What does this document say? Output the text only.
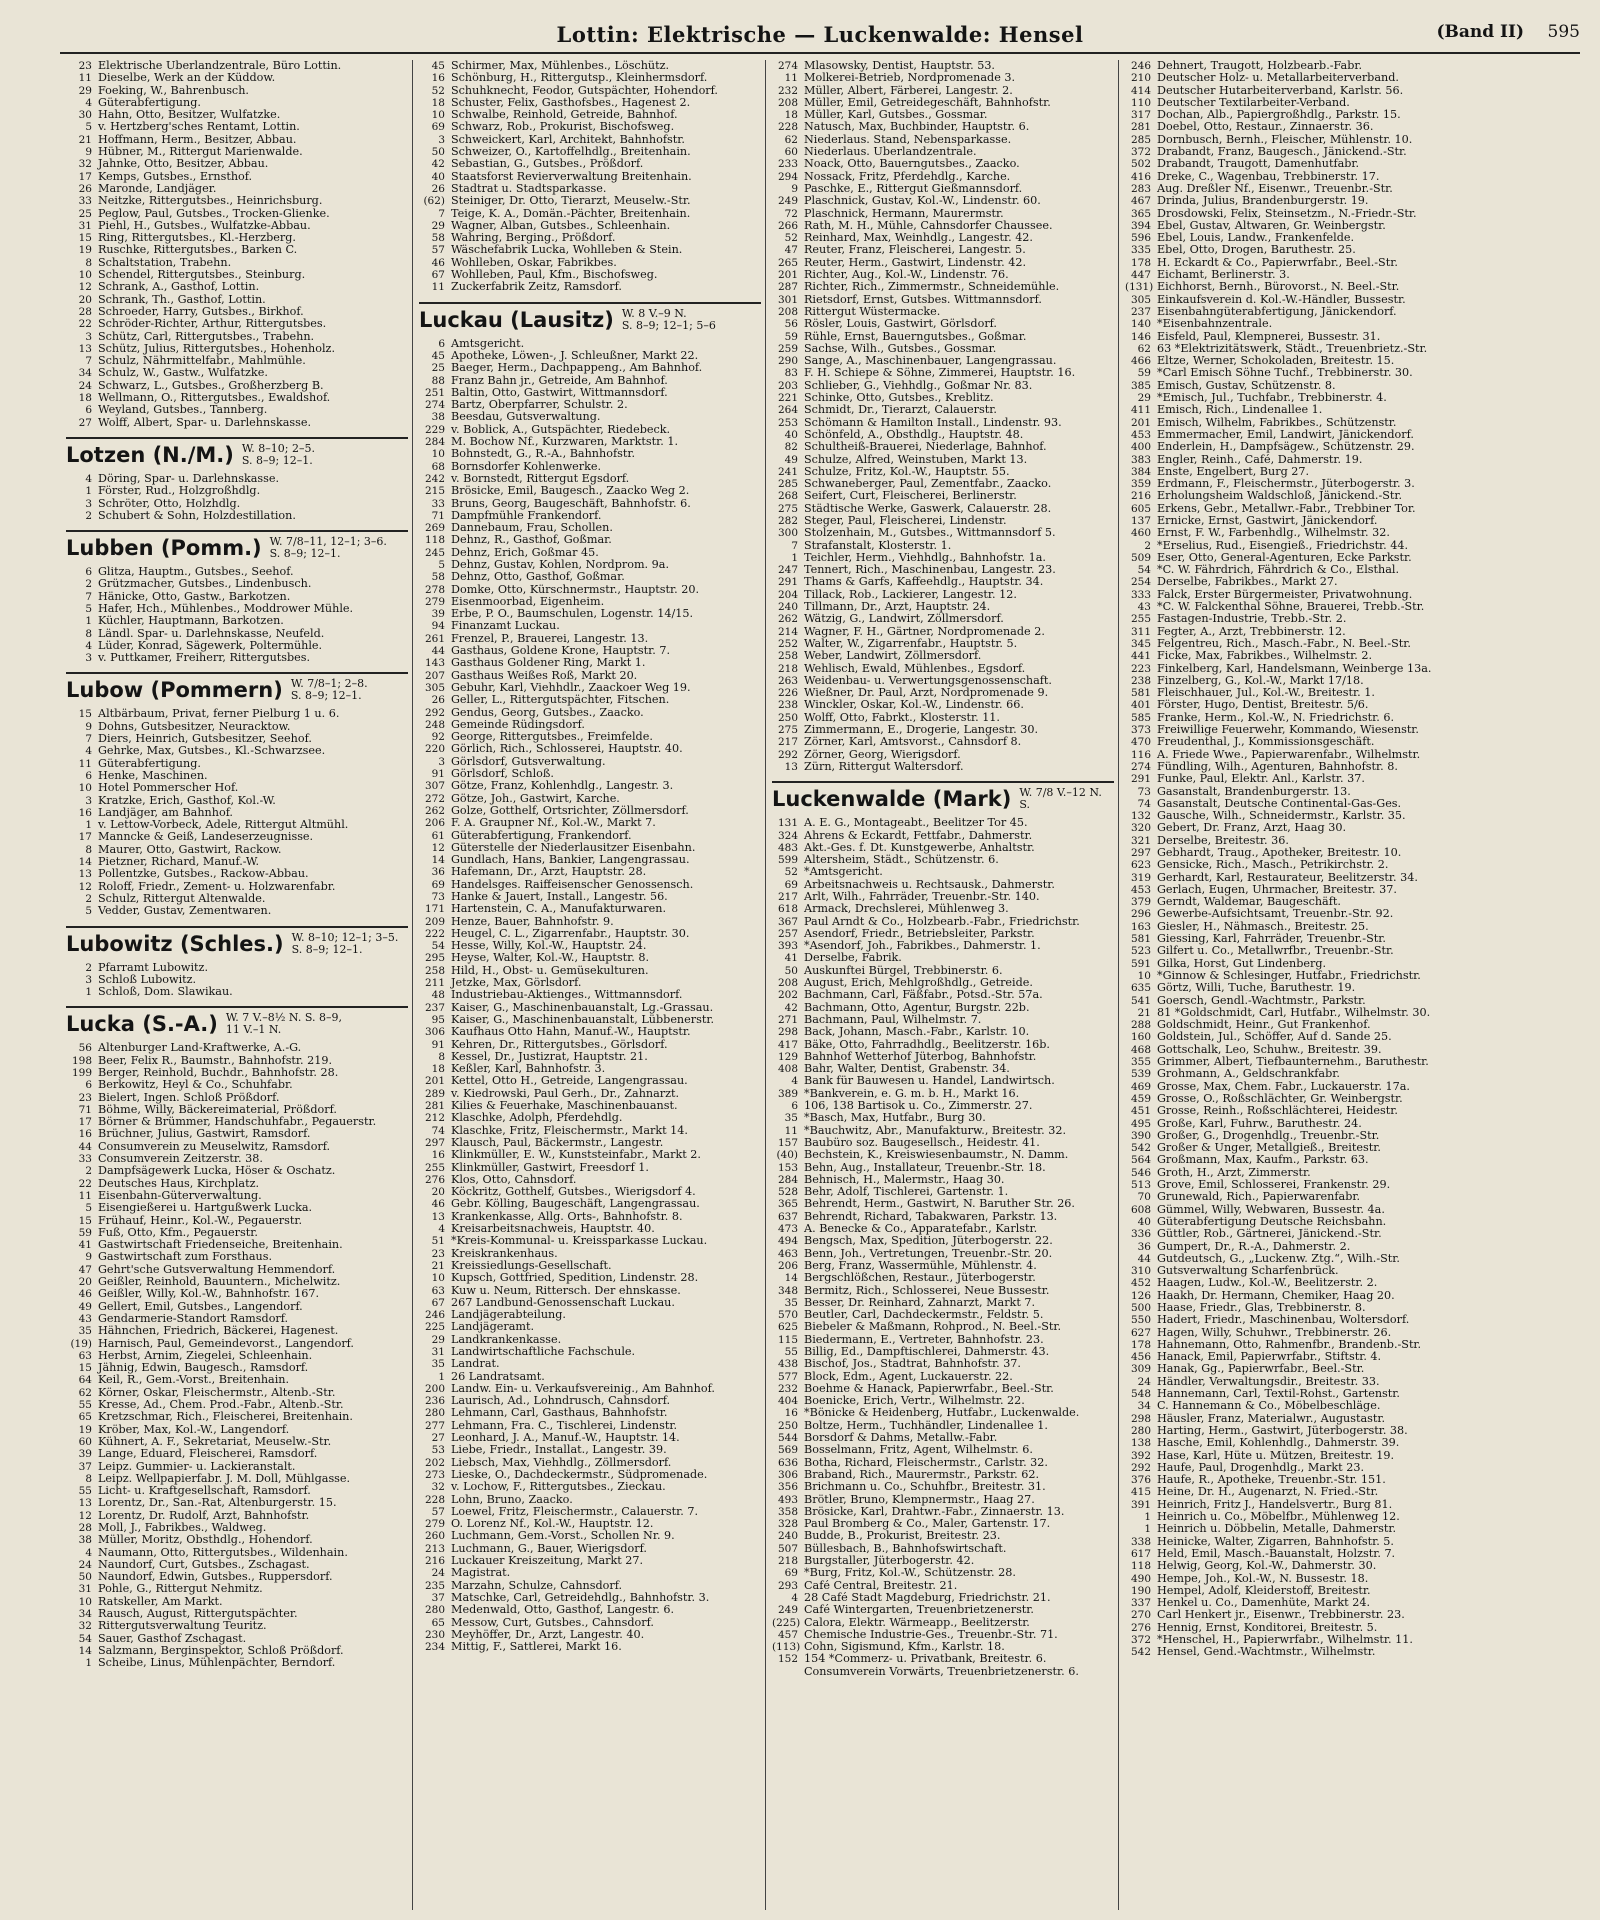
Lottin: Elektrische — Luckenwalde: Hensel	(Band II) 595
23 Elektrische Überlandzentrale, Büro Lottin.
11 Dieselbe, Werk an der Küddow.
29 Foeking, W., Bahrenbusch.
4 Güterabfertigung.
30 Hahn, Otto, Besitzer, Wulfatzke.
5 v. Hertzberg'sches Rentamt, Lottin.
21 Hoffmann, Herm., Besitzer, Abbau.
9 Hübner, M., Rittergut Marienwalde.
32 Jahnke, Otto, Besitzer, Abbau.
17 Kemps, Gutsbes., Ernsthof.
26 Maronde, Landjäger.
33 Neitzke, Rittergutsbes., Heinrichsburg.
25 Peglow, Paul, Gutsbes., Trocken-Glienke.
31 Piehl, H., Gutsbes., Wulfatzke-Abbau.
15 Ring, Rittergutsbes., Kl.-Herzberg.
19 Ruschke, Rittergutsbes., Barken C.
8 Schaltstation, Trabehn.
10 Schendel, Rittergutsbes., Steinburg.
12 Schrank, A., Gasthof, Lottin.
20 Schrank, Th., Gasthof, Lottin.
28 Schroeder, Harry, Gutsbes., Birkhof.
22 Schröder-Richter, Arthur, Rittergutsbes.
3 Schütz, Carl, Rittergutsbes., Trabehn.
13 Schütz, Julius, Rittergutsbes., Hohenholz.
7 Schulz, Nährmittelfabr., Mahlmühle.
34 Schulz, W., Gastw., Wulfatzke.
24 Schwarz, L., Gutsbes., Großherzberg B.
18 Wellmann, O., Rittergutsbes., Ewaldshof.
6 Weyland, Gutsbes., Tannberg.
27 Wolff, Albert, Spar- u. Darlehnskasse.
Lotzen (N./M.) W. 8–10; 2–5.
S. 8–9; 12–1.
4 Döring, Spar- u. Darlehnskasse.
1 Förster, Rud., Holzgroßhdlg.
3 Schröter, Otto, Holzhdlg.
2 Schubert & Sohn, Holzdestillation.
Lubben (Pomm.) W. 7/8–11, 12–1; 3–6.
S. 8–9; 12–1.
6 Glitza, Hauptm., Gutsbes., Seehof.
2 Grützmacher, Gutsbes., Lindenbusch.
7 Hänicke, Otto, Gastw., Barkotzen.
5 Hafer, Hch., Mühlenbes., Moddrower Mühle.
1 Küchler, Hauptmann, Barkotzen.
8 Ländl. Spar- u. Darlehnskasse, Neufeld.
4 Lüder, Konrad, Sägewerk, Poltermühle.
3 v. Puttkamer, Freiherr, Rittergutsbes.
Lubow (Pommern) W. 7/8–1; 2–8.
S. 8–9; 12–1.
15 Altbärbaum, Privat, ferner Pielburg 1 u. 6.
9 Dohns, Gutsbesitzer, Neuracktow.
7 Diers, Heinrich, Gutsbesitzer, Seehof.
4 Gehrke, Max, Gutsbes., Kl.-Schwarzsee.
11 Güterabfertigung.
6 Henke, Maschinen.
10 Hotel Pommerscher Hof.
3 Kratzke, Erich, Gasthof, Kol.-W.
16 Landjäger, am Bahnhof.
1 v. Lettow-Vorbeck, Adele, Rittergut Altmühl.
17 Manncke & Geiß, Landeserzeugnisse.
8 Maurer, Otto, Gastwirt, Rackow.
14 Pietzner, Richard, Manuf.-W.
13 Pollentzke, Gutsbes., Rackow-Abbau.
12 Roloff, Friedr., Zement- u. Holzwarenfabr.
2 Schulz, Rittergut Altenwalde.
5 Vedder, Gustav, Zementwaren.
Lubowitz (Schles.) W. 8–10; 12–1; 3–5.
S. 8–9; 12–1.
2 Pfarramt Lubowitz.
3 Schloß Lubowitz.
1 Schloß, Dom. Slawikau.
Lucka (S.-A.) W. 7 V.–8½ N. S. 8–9,
11 V.–1 N.
56 Altenburger Land-Kraftwerke, A.-G.
198 Beer, Felix R., Baumstr., Bahnhofstr. 219.
199 Berger, Reinhold, Buchdr., Bahnhofstr. 28.
6 Berkowitz, Heyl & Co., Schuhfabr.
23 Bielert, Ingen. Schloß Prößdorf.
71 Böhme, Willy, Bäckereimaterial, Prößdorf.
17 Börner & Brümmer, Handschuhfabr., Pegauerstr.
16 Brüchner, Julius, Gastwirt, Ramsdorf.
44 Consumverein zu Meuselwitz, Ramsdorf.
33 Consumverein Zeitzerstr. 38.
2 Dampfsägewerk Lucka, Höser & Oschatz.
22 Deutsches Haus, Kirchplatz.
11 Eisenbahn-Güterverwaltung.
5 Eisengießerei u. Hartgußwerk Lucka.
15 Frühauf, Heinr., Kol.-W., Pegauerstr.
59 Fuß, Otto, Kfm., Pegauerstr.
41 Gastwirtschaft Friedenseiche, Breitenhain.
9 Gastwirtschaft zum Forsthaus.
47 Gehrt'sche Gutsverwaltung Hemmendorf.
20 Geißler, Reinhold, Bauuntern., Michelwitz.
46 Geißler, Willy, Kol.-W., Bahnhofstr. 167.
49 Gellert, Emil, Gutsbes., Langendorf.
43 Gendarmerie-Standort Ramsdorf.
35 Hähnchen, Friedrich, Bäckerei, Hagenest.
(19) Harnisch, Paul, Gemeindevorst., Langendorf.
63 Herbst, Arnim, Ziegelei, Schleenhain.
15 Jähnig, Edwin, Baugesch., Ramsdorf.
64 Keil, R., Gem.-Vorst., Breitenhain.
62 Körner, Oskar, Fleischermstr., Altenb.-Str.
55 Kresse, Ad., Chem. Prod.-Fabr., Altenb.-Str.
65 Kretzschmar, Rich., Fleischerei, Breitenhain.
19 Kröber, Max, Kol.-W., Langendorf.
60 Kühnert, A. F., Sekretariat, Meuselw.-Str.
39 Lange, Eduard, Fleischerei, Ramsdorf.
37 Leipz. Gummier- u. Lackieranstalt.
8 Leipz. Wellpapierfabr. J. M. Doll, Mühlgasse.
55 Licht- u. Kraftgesellschaft, Ramsdorf.
13 Lorentz, Dr., San.-Rat, Altenburgerstr. 15.
12 Lorentz, Dr. Rudolf, Arzt, Bahnhofstr.
28 Moll, J., Fabrikbes., Waldweg.
38 Müller, Moritz, Obsthdlg., Hohendorf.
4 Naumann, Otto, Rittergutsbes., Wildenhain.
24 Naundorf, Curt, Gutsbes., Zschagast.
50 Naundorf, Edwin, Gutsbes., Ruppersdorf.
31 Pohle, G., Rittergut Nehmitz.
10 Ratskeller, Am Markt.
34 Rausch, August, Rittergutspächter.
32 Rittergutsverwaltung Teuritz.
54 Sauer, Gasthof Zschagast.
14 Salzmann, Berginspektor, Schloß Prößdorf.
1 Scheibe, Linus, Mühlenpächter, Berndorf.
45 Schirmer, Max, Mühlenbes., Löschütz.
16 Schönburg, H., Rittergutsp., Kleinhermsdorf.
52 Schuhknecht, Feodor, Gutspächter, Hohendorf.
18 Schuster, Felix, Gasthofsbes., Hagenest 2.
10 Schwalbe, Reinhold, Getreide, Bahnhof.
69 Schwarz, Rob., Prokurist, Bischofsweg.
3 Schweickert, Karl, Architekt, Bahnhofstr.
50 Schweizer, O., Kartoffelhdlg., Breitenhain.
42 Sebastian, G., Gutsbes., Prößdorf.
40 Staatsforst Revierverwaltung Breitenhain.
26 Stadtrat u. Stadtsparkasse.
(62) Steiniger, Dr. Otto, Tierarzt, Meuselw.-Str.
7 Teige, K. A., Domän.-Pächter, Breitenhain.
29 Wagner, Alban, Gutsbes., Schleenhain.
58 Wahring, Berging., Prößdorf.
57 Wäschefabrik Lucka, Wohlleben & Stein.
46 Wohlleben, Oskar, Fabrikbes.
67 Wohlleben, Paul, Kfm., Bischofsweg.
11 Zuckerfabrik Zeitz, Ramsdorf.
Luckau (Lausitz) W. 8 V.–9 N.
S. 8–9; 12–1; 5–6
6 Amtsgericht.
45 Apotheke, Löwen-, J. Schleußner, Markt 22.
25 Baeger, Herm., Dachpappeng., Am Bahnhof.
88 Franz Bahn jr., Getreide, Am Bahnhof.
251 Baltin, Otto, Gastwirt, Wittmannsdorf.
274 Bartz, Oberpfarrer, Schulstr. 2.
38 Beesdau, Gutsverwaltung.
229 v. Boblick, A., Gutspächter, Riedebeck.
284 M. Bochow Nf., Kurzwaren, Marktstr. 1.
10 Bohnstedt, G., R.-A., Bahnhofstr.
68 Bornsdorfer Kohlenwerke.
242 v. Bornstedt, Rittergut Egsdorf.
215 Brösicke, Emil, Baugesch., Zaacko Weg 2.
33 Bruns, Georg, Baugeschäft, Bahnhofstr. 6.
71 Dampfmühle Frankendorf.
269 Dannebaum, Frau, Schollen.
118 Dehnz, R., Gasthof, Goßmar.
245 Dehnz, Erich, Goßmar 45.
5 Dehnz, Gustav, Kohlen, Nordprom. 9a.
58 Dehnz, Otto, Gasthof, Goßmar.
278 Domke, Otto, Kürschnermstr., Hauptstr. 20.
279 Eisenmoorbad, Eigenheim.
39 Erbe, P. O., Baumschulen, Logenstr. 14/15.
94 Finanzamt Luckau.
261 Frenzel, P., Brauerei, Langestr. 13.
44 Gasthaus, Goldene Krone, Hauptstr. 7.
143 Gasthaus Goldener Ring, Markt 1.
207 Gasthaus Weißes Roß, Markt 20.
305 Gebuhr, Karl, Viehhdlr., Zaackoer Weg 19.
26 Geller, L., Rittergutspächter, Fitschen.
292 Gendus, Georg, Gutsbes., Zaacko.
248 Gemeinde Rüdingsdorf.
92 George, Rittergutsbes., Freimfelde.
220 Görlich, Rich., Schlosserei, Hauptstr. 40.
3 Görlsdorf, Gutsverwaltung.
91 Görlsdorf, Schloß.
307 Götze, Franz, Kohlenhdlg., Langestr. 3.
272 Götze, Joh., Gastwirt, Karche.
262 Golze, Gotthelf, Ortsrichter, Zöllmersdorf.
206 F. A. Graupner Nf., Kol.-W., Markt 7.
61 Güterabfertigung, Frankendorf.
12 Güterstelle der Niederlausitzer Eisenbahn.
14 Gundlach, Hans, Bankier, Langengrassau.
36 Hafemann, Dr., Arzt, Hauptstr. 28.
69 Handelsges. Raiffeisenscher Genossensch.
73 Hanke & Jauert, Install., Langestr. 56.
171 Hartenstein, C. A., Manufakturwaren.
209 Henze, Bauer, Bahnhofstr. 9.
222 Heugel, C. L., Zigarrenfabr., Hauptstr. 30.
54 Hesse, Willy, Kol.-W., Hauptstr. 24.
295 Heyse, Walter, Kol.-W., Hauptstr. 8.
258 Hild, H., Obst- u. Gemüsekulturen.
211 Jetzke, Max, Görlsdorf.
48 Industriebau-Aktienges., Wittmannsdorf.
237 Kaiser, G., Maschinenbauanstalt, Lg.-Grassau.
95 Kaiser, G., Maschinenbauanstalt, Lübbenerstr.
306 Kaufhaus Otto Hahn, Manuf.-W., Hauptstr.
91 Kehren, Dr., Rittergutsbes., Görlsdorf.
8 Kessel, Dr., Justizrat, Hauptstr. 21.
18 Keßler, Karl, Bahnhofstr. 3.
201 Kettel, Otto H., Getreide, Langengrassau.
289 v. Kiedrowski, Paul Gerh., Dr., Zahnarzt.
281 Kilies & Feuerhake, Maschinenbauanst.
212 Klaschke, Adolph, Pferdehdlg.
74 Klaschke, Fritz, Fleischermstr., Markt 14.
297 Klausch, Paul, Bäckermstr., Langestr.
16 Klinkmüller, E. W., Kunststeinfabr., Markt 2.
255 Klinkmüller, Gastwirt, Freesdorf 1.
276 Klos, Otto, Cahnsdorf.
20 Köckritz, Gotthelf, Gutsbes., Wierigsdorf 4.
46 Gebr. Kölling, Baugeschäft, Langengrassau.
13 Krankenkasse, Allg. Orts-, Bahnhofstr. 8.
4 Kreisarbeitsnachweis, Hauptstr. 40.
51 *Kreis-Kommunal- u. Kreissparkasse Luckau.
23 Kreiskrankenhaus.
21 Kreissiedlungs-Gesellschaft.
10 Kupsch, Gottfried, Spedition, Lindenstr. 28.
63 Kuw u. Neum, Rittersch. Der ehnskasse.
67 267 Landbund-Genossenschaft Luckau.
246 Landjägerabteilung.
225 Landjägeramt.
29 Landkrankenkasse.
31 Landwirtschaftliche Fachschule.
35 Landrat.
1 26 Landratsamt.
200 Landw. Ein- u. Verkaufsvereinig., Am Bahnhof.
236 Laurisch, Ad., Lohndrusch, Cahnsdorf.
280 Lehmann, Carl, Gasthaus, Bahnhofstr.
277 Lehmann, Fra. C., Tischlerei, Lindenstr.
27 Leonhard, J. A., Manuf.-W., Hauptstr. 14.
53 Liebe, Friedr., Installat., Langestr. 39.
202 Liebsch, Max, Viehhdlg., Zöllmersdorf.
273 Lieske, O., Dachdeckermstr., Südpromenade.
32 v. Lochow, F., Rittergutsbes., Zieckau.
228 Lohn, Bruno, Zaacko.
57 Loewel, Fritz, Fleischermstr., Calauerstr. 7.
279 O. Lorenz Nf., Kol.-W., Hauptstr. 12.
260 Luchmann, Gem.-Vorst., Schollen Nr. 9.
213 Luchmann, G., Bauer, Wierigsdorf.
216 Luckauer Kreiszeitung, Markt 27.
24 Magistrat.
235 Marzahn, Schulze, Cahnsdorf.
37 Matschke, Carl, Getreidehdlg., Bahnhofstr. 3.
280 Medenwald, Otto, Gasthof, Langestr. 6.
65 Messow, Curt, Gutsbes., Cahnsdorf.
230 Meyhöffer, Dr., Arzt, Langestr. 40.
234 Mittig, F., Sattlerei, Markt 16.
274 Mlasowsky, Dentist, Hauptstr. 53.
11 Molkerei-Betrieb, Nordpromenade 3.
232 Müller, Albert, Färberei, Langestr. 2.
208 Müller, Emil, Getreidegeschäft, Bahnhofstr.
18 Müller, Karl, Gutsbes., Gossmar.
228 Natusch, Max, Buchbinder, Hauptstr. 6.
62 Niederlaus. Stand, Nebensparkasse.
60 Niederlaus. Überlandzentrale.
233 Noack, Otto, Bauerngutsbes., Zaacko.
294 Nossack, Fritz, Pferdehdlg., Karche.
9 Paschke, E., Rittergut Gießmannsdorf.
249 Plaschnick, Gustav, Kol.-W., Lindenstr. 60.
72 Plaschnick, Hermann, Maurermstr.
266 Rath, M. H., Mühle, Cahnsdorfer Chaussee.
52 Reinhard, Max, Weinhdlg., Langestr. 42.
47 Reuter, Franz, Fleischerei, Langestr. 5.
265 Reuter, Herm., Gastwirt, Lindenstr. 42.
201 Richter, Aug., Kol.-W., Lindenstr. 76.
287 Richter, Rich., Zimmermstr., Schneidemühle.
301 Rietsdorf, Ernst, Gutsbes. Wittmannsdorf.
208 Rittergut Wüstermacke.
56 Rösler, Louis, Gastwirt, Görlsdorf.
59 Rühle, Ernst, Bauerngutsbes., Goßmar.
259 Sachse, Wilh., Gutsbes., Gossmar.
290 Sange, A., Maschinenbauer, Langengrassau.
83 F. H. Schiepe & Söhne, Zimmerei, Hauptstr. 16.
203 Schlieber, G., Viehhdlg., Goßmar Nr. 83.
221 Schinke, Otto, Gutsbes., Kreblitz.
264 Schmidt, Dr., Tierarzt, Calauerstr.
253 Schömann & Hamilton Install., Lindenstr. 93.
40 Schönfeld, A., Obsthdlg., Hauptstr. 48.
82 Schultheiß-Brauerei, Niederlage, Bahnhof.
49 Schulze, Alfred, Weinstuben, Markt 13.
241 Schulze, Fritz, Kol.-W., Hauptstr. 55.
285 Schwaneberger, Paul, Zementfabr., Zaacko.
268 Seifert, Curt, Fleischerei, Berlinerstr.
275 Städtische Werke, Gaswerk, Calauerstr. 28.
282 Steger, Paul, Fleischerei, Lindenstr.
300 Stolzenhain, M., Gutsbes., Wittmannsdorf 5.
7 Strafanstalt, Klosterstr. 1.
1 Teichler, Herm., Viehhdlg., Bahnhofstr. 1a.
247 Tennert, Rich., Maschinenbau, Langestr. 23.
291 Thams & Garfs, Kaffeehdlg., Hauptstr. 34.
204 Tillack, Rob., Lackierer, Langestr. 12.
240 Tillmann, Dr., Arzt, Hauptstr. 24.
262 Wätzig, G., Landwirt, Zöllmersdorf.
214 Wagner, F. H., Gärtner, Nordpromenade 2.
252 Walter, W., Zigarrenfabr., Hauptstr. 5.
258 Weber, Landwirt, Zöllmersdorf.
218 Wehlisch, Ewald, Mühlenbes., Egsdorf.
263 Weidenbau- u. Verwertungsgenossenschaft.
226 Wießner, Dr. Paul, Arzt, Nordpromenade 9.
238 Winckler, Oskar, Kol.-W., Lindenstr. 66.
250 Wolff, Otto, Fabrkt., Klosterstr. 11.
275 Zimmermann, E., Drogerie, Langestr. 30.
217 Zörner, Karl, Amtsvorst., Cahnsdorf 8.
292 Zörner, Georg, Wierigsdorf.
13 Zürn, Rittergut Waltersdorf.
Luckenwalde (Mark) W. 7/8 V.–12 N.
S.
131 A. E. G., Montageabt., Beelitzer Tor 45.
324 Ahrens & Eckardt, Fettfabr., Dahmerstr.
483 Akt.-Ges. f. Dt. Kunstgewerbe, Anhaltstr.
599 Altersheim, Städt., Schützenstr. 6.
52 *Amtsgericht.
69 Arbeitsnachweis u. Rechtsausk., Dahmerstr.
217 Arlt, Wilh., Fahrräder, Treuenbr.-Str. 140.
618 Armack, Drechslerei, Mühlenweg 3.
367 Paul Arndt & Co., Holzbearb.-Fabr., Friedrichstr.
257 Asendorf, Friedr., Betriebsleiter, Parkstr.
393 *Asendorf, Joh., Fabrikbes., Dahmerstr. 1.
41 Derselbe, Fabrik.
50 Auskunftei Bürgel, Trebbinerstr. 6.
208 August, Erich, Mehlgroßhdlg., Getreide.
202 Bachmann, Carl, Fäßfabr., Potsd.-Str. 57a.
42 Bachmann, Otto, Agentur, Burgstr. 22b.
271 Bachmann, Paul, Wilhelmstr. 7.
298 Back, Johann, Masch.-Fabr., Karlstr. 10.
417 Bäke, Otto, Fahrradhdlg., Beelitzerstr. 16b.
129 Bahnhof Wetterhof Jüterbog, Bahnhofstr.
408 Bahr, Walter, Dentist, Grabenstr. 34.
4 Bank für Bauwesen u. Handel, Landwirtsch.
389 *Bankverein, e. G. m. b. H., Markt 16.
6 106, 138 Bartisok u. Co., Zimmerstr. 27.
35 *Basch, Max, Hutfabr., Burg 30.
11 *Bauchwitz, Abr., Manufakturw., Breitestr. 32.
157 Baubüro soz. Baugesellsch., Heidestr. 41.
(40) Bechstein, K., Kreiswiesenbaumstr., N. Damm.
153 Behn, Aug., Installateur, Treuenbr.-Str. 18.
284 Behnisch, H., Malermstr., Haag 30.
528 Behr, Adolf, Tischlerei, Gartenstr. 1.
365 Behrendt, Herm., Gastwirt, N. Baruther Str. 26.
637 Behrendt, Richard, Tabakwaren, Parkstr. 13.
473 A. Benecke & Co., Apparatefabr., Karlstr.
494 Bengsch, Max, Spedition, Jüterbogerstr. 22.
463 Benn, Joh., Vertretungen, Treuenbr.-Str. 20.
206 Berg, Franz, Wassermühle, Mühlenstr. 4.
14 Bergschlößchen, Restaur., Jüterbogerstr.
348 Bermitz, Rich., Schlosserei, Neue Bussestr.
35 Besser, Dr. Reinhard, Zahnarzt, Markt 7.
570 Beutler, Carl, Dachdeckermstr., Feldstr. 5.
625 Biebeler & Maßmann, Rohprod., N. Beel.-Str.
115 Biedermann, E., Vertreter, Bahnhofstr. 23.
55 Billig, Ed., Dampftischlerei, Dahmerstr. 43.
438 Bischof, Jos., Stadtrat, Bahnhofstr. 37.
577 Block, Edm., Agent, Luckauerstr. 22.
232 Boehme & Hanack, Papierwrfabr., Beel.-Str.
404 Boenicke, Erich, Vertr., Wilhelmstr. 22.
16 *Bönicke & Heidenberg, Hutfabr., Luckenwalde.
250 Boltze, Herm., Tuchhändler, Lindenallee 1.
544 Borsdorf & Dahms, Metallw.-Fabr.
569 Bosselmann, Fritz, Agent, Wilhelmstr. 6.
636 Botha, Richard, Fleischermstr., Carlstr. 32.
306 Braband, Rich., Maurermstr., Parkstr. 62.
356 Brichmann u. Co., Schuhfbr., Breitestr. 31.
493 Brötler, Bruno, Klempnermstr., Haag 27.
358 Brösicke, Karl, Drahtwr.-Fabr., Zinnaerstr. 13.
328 Paul Bromberg & Co., Maler, Gartenstr. 17.
240 Budde, B., Prokurist, Breitestr. 23.
507 Büllesbach, B., Bahnhofswirtschaft.
218 Burgstaller, Jüterbogerstr. 42.
69 *Burg, Fritz, Kol.-W., Schützenstr. 28.
293 Café Central, Breitestr. 21.
4 28 Café Stadt Magdeburg, Friedrichstr. 21.
249 Café Wintergarten, Treuenbrietzenerstr.
(225) Calora, Elektr. Wärmeapp., Beelitzerstr.
457 Chemische Industrie-Ges., Treuenbr.-Str. 71.
(113) Cohn, Sigismund, Kfm., Karlstr. 18.
152 154 *Commerz- u. Privatbank, Breitestr. 6.
Consumverein Vorwärts, Treuenbrietzenerstr. 6.
246 Dehnert, Traugott, Holzbearb.-Fabr.
210 Deutscher Holz- u. Metallarbeiterverband.
414 Deutscher Hutarbeiterverband, Karlstr. 56.
110 Deutscher Textilarbeiter-Verband.
317 Dochan, Alb., Papiergroßhdlg., Parkstr. 15.
281 Doebel, Otto, Restaur., Zinnaerstr. 36.
285 Dornbusch, Bernh., Fleischer, Mühlenstr. 10.
372 Drabandt, Franz, Baugesch., Jänickend.-Str.
502 Drabandt, Traugott, Damenhutfabr.
416 Dreke, C., Wagenbau, Trebbinerstr. 17.
283 Aug. Dreßler Nf., Eisenwr., Treuenbr.-Str.
467 Drinda, Julius, Brandenburgerstr. 19.
365 Drosdowski, Felix, Steinsetzm., N.-Friedr.-Str.
394 Ebel, Gustav, Altwaren, Gr. Weinbergstr.
596 Ebel, Louis, Landw., Frankenfelde.
335 Ebel, Otto, Drogen, Baruthestr. 25.
178 H. Eckardt & Co., Papierwrfabr., Beel.-Str.
447 Eichamt, Berlinerstr. 3.
(131) Eichhorst, Bernh., Bürovorst., N. Beel.-Str.
305 Einkaufsverein d. Kol.-W.-Händler, Bussestr.
237 Eisenbahngüterabfertigung, Jänickendorf.
140 *Eisenbahnzentrale.
146 Eisfeld, Paul, Klempnerei, Bussestr. 31.
62 63 *Elektrizitätswerk, Städt., Treuenbrietz.-Str.
466 Eltze, Werner, Schokoladen, Breitestr. 15.
59 *Carl Emisch Söhne Tuchf., Trebbinerstr. 30.
385 Emisch, Gustav, Schützenstr. 8.
29 *Emisch, Jul., Tuchfabr., Trebbinerstr. 4.
411 Emisch, Rich., Lindenallee 1.
201 Emisch, Wilhelm, Fabrikbes., Schützenstr.
453 Emmermacher, Emil, Landwirt, Jänickendorf.
400 Enderlein, H., Dampfsägew., Schützenstr. 29.
383 Engler, Reinh., Café, Dahmerstr. 19.
384 Enste, Engelbert, Burg 27.
359 Erdmann, F., Fleischermstr., Jüterbogerstr. 3.
216 Erholungsheim Waldschloß, Jänickend.-Str.
605 Erkens, Gebr., Metallwr.-Fabr., Trebbiner Tor.
137 Ernicke, Ernst, Gastwirt, Jänickendorf.
460 Ernst, F. W., Farbenhdlg., Wilhelmstr. 32.
2 *Erselius, Rud., Eisengieß., Friedrichstr. 44.
509 Eser, Otto, General-Agenturen, Ecke Parkstr.
54 *C. W. Fährdrich, Fährdrich & Co., Elsthal.
254 Derselbe, Fabrikbes., Markt 27.
333 Falck, Erster Bürgermeister, Privatwohnung.
43 *C. W. Falckenthal Söhne, Brauerei, Trebb.-Str.
255 Fastagen-Industrie, Trebb.-Str. 2.
311 Fegter, A., Arzt, Trebbinerstr. 12.
345 Felgentreu, Rich., Masch.-Fabr., N. Beel.-Str.
441 Ficke, Max, Fabrikbes., Wilhelmstr. 2.
223 Finkelberg, Karl, Handelsmann, Weinberge 13a.
238 Finzelberg, G., Kol.-W., Markt 17/18.
581 Fleischhauer, Jul., Kol.-W., Breitestr. 1.
401 Förster, Hugo, Dentist, Breitestr. 5/6.
585 Franke, Herm., Kol.-W., N. Friedrichstr. 6.
373 Freiwillige Feuerwehr, Kommando, Wiesenstr.
470 Freudenthal, J., Kommissionsgeschäft.
116 A. Friede Wwe., Papierwarenfabr., Wilhelmstr.
274 Fündling, Wilh., Agenturen, Bahnhofstr. 8.
291 Funke, Paul, Elektr. Anl., Karlstr. 37.
73 Gasanstalt, Brandenburgerstr. 13.
74 Gasanstalt, Deutsche Continental-Gas-Ges.
132 Gausche, Wilh., Schneidermstr., Karlstr. 35.
320 Gebert, Dr. Franz, Arzt, Haag 30.
321 Derselbe, Breitestr. 36.
297 Gebhardt, Traug., Apotheker, Breitestr. 10.
623 Gensicke, Rich., Masch., Petrikirchstr. 2.
319 Gerhardt, Karl, Restaurateur, Beelitzerstr. 34.
453 Gerlach, Eugen, Uhrmacher, Breitestr. 37.
379 Gerndt, Waldemar, Baugeschäft.
296 Gewerbe-Aufsichtsamt, Treuenbr.-Str. 92.
163 Giesler, H., Nähmasch., Breitestr. 25.
581 Giessing, Karl, Fahrräder, Treuenbr.-Str.
523 Gilfert u. Co., Metallwrfbr., Treuenbr.-Str.
591 Gilka, Horst, Gut Lindenberg.
10 *Ginnow & Schlesinger, Hutfabr., Friedrichstr.
635 Görtz, Willi, Tuche, Baruthestr. 19.
541 Goersch, Gendl.-Wachtmstr., Parkstr.
21 81 *Goldschmidt, Carl, Hutfabr., Wilhelmstr. 30.
288 Goldschmidt, Heinr., Gut Frankenhof.
160 Goldstein, Jul., Schöffer, Auf d. Sande 25.
468 Gottschalk, Leo, Schuhw., Breitestr. 39.
355 Grimmer, Albert, Tiefbaunternehm., Baruthestr.
539 Grohmann, A., Geldschrankfabr.
469 Grosse, Max, Chem. Fabr., Luckauerstr. 17a.
459 Grosse, O., Roßschlächter, Gr. Weinbergstr.
451 Grosse, Reinh., Roßschlächterei, Heidestr.
495 Große, Karl, Fuhrw., Baruthestr. 24.
390 Großer, G., Drogenhdlg., Treuenbr.-Str.
542 Großer & Unger, Metallgieß., Breitestr.
564 Großmann, Max, Kaufm., Parkstr. 63.
546 Groth, H., Arzt, Zimmerstr.
513 Grove, Emil, Schlosserei, Frankenstr. 29.
70 Grunewald, Rich., Papierwarenfabr.
608 Gümmel, Willy, Webwaren, Bussestr. 4a.
40 Güterabfertigung Deutsche Reichsbahn.
336 Güttler, Rob., Gärtnerei, Jänickend.-Str.
36 Gumpert, Dr., R.-A., Dahmerstr. 2.
44 Gutdeutsch, G., „Luckenw. Ztg.“, Wilh.-Str.
310 Gutsverwaltung Scharfenbrück.
452 Haagen, Ludw., Kol.-W., Beelitzerstr. 2.
126 Haakh, Dr. Hermann, Chemiker, Haag 20.
500 Haase, Friedr., Glas, Trebbinerstr. 8.
550 Hadert, Friedr., Maschinenbau, Woltersdorf.
627 Hagen, Willy, Schuhwr., Trebbinerstr. 26.
178 Hahnemann, Otto, Rahmenfbr., Brandenb.-Str.
456 Hanack, Emil, Papierwrfabr., Stiftstr. 4.
309 Hanak, Gg., Papierwrfabr., Beel.-Str.
24 Händler, Verwaltungsdir., Breitestr. 33.
548 Hannemann, Carl, Textil-Rohst., Gartenstr.
34 C. Hannemann & Co., Möbelbeschläge.
298 Häusler, Franz, Materialwr., Augustastr.
280 Harting, Herm., Gastwirt, Jüterbogerstr. 38.
138 Hasche, Emil, Kohlenhdlg., Dahmerstr. 39.
392 Hase, Karl, Hüte u. Mützen, Breitestr. 19.
292 Haufe, Paul, Drogenhdlg., Markt 23.
376 Haufe, R., Apotheke, Treuenbr.-Str. 151.
415 Heine, Dr. H., Augenarzt, N. Fried.-Str.
391 Heinrich, Fritz J., Handelsvertr., Burg 81.
1 Heinrich u. Co., Möbelfbr., Mühlenweg 12.
1 Heinrich u. Döbbelin, Metalle, Dahmerstr.
338 Heinicke, Walter, Zigarren, Bahnhofstr. 5.
617 Held, Emil, Masch.-Bauanstalt, Holzstr. 7.
118 Helwig, Georg, Kol.-W., Dahmerstr. 30.
490 Hempe, Joh., Kol.-W., N. Bussestr. 18.
190 Hempel, Adolf, Kleiderstoff, Breitestr.
337 Henkel u. Co., Damenhüte, Markt 24.
270 Carl Henkert jr., Eisenwr., Trebbinerstr. 23.
276 Hennig, Ernst, Konditorei, Breitestr. 5.
372 *Henschel, H., Papierwrfabr., Wilhelmstr. 11.
542 Hensel, Gend.-Wachtmstr., Wilhelmstr.
